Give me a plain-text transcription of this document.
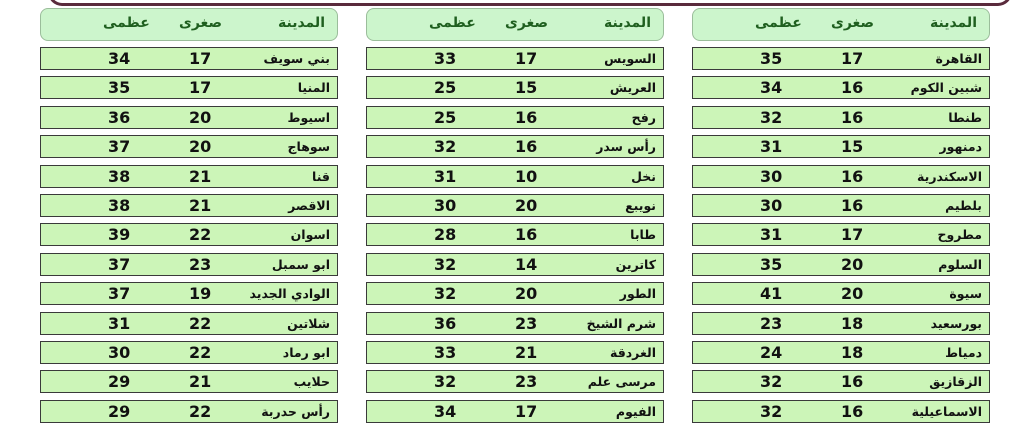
المدينة
صغرى
عظمى
القاهرة
17
35
شبين الكوم
16
34
طنطا
16
32
دمنهور
15
31
الاسكندرية
16
30
بلطيم
16
30
مطروح
17
31
السلوم
20
35
سيوة
20
41
بورسعيد
18
23
دمياط
18
24
الزقازيق
16
32
الاسماعيلية
16
32
المدينة
صغرى
عظمى
السويس
17
33
العريش
15
25
رفح
16
25
رأس سدر
16
32
نخل
10
31
نويبع
20
30
طابا
16
28
كاترين
14
32
الطور
20
32
شرم الشيخ
23
36
الغردقة
21
33
مرسى علم
23
32
الفيوم
17
34
المدينة
صغرى
عظمى
بني سويف
17
34
المنيا
17
35
اسيوط
20
36
سوهاج
20
37
قنا
21
38
الاقصر
21
38
اسوان
22
39
ابو سمبل
23
37
الوادي الجديد
19
37
شلاتين
22
31
ابو رماد
22
30
حلايب
21
29
رأس حدربة
22
29
